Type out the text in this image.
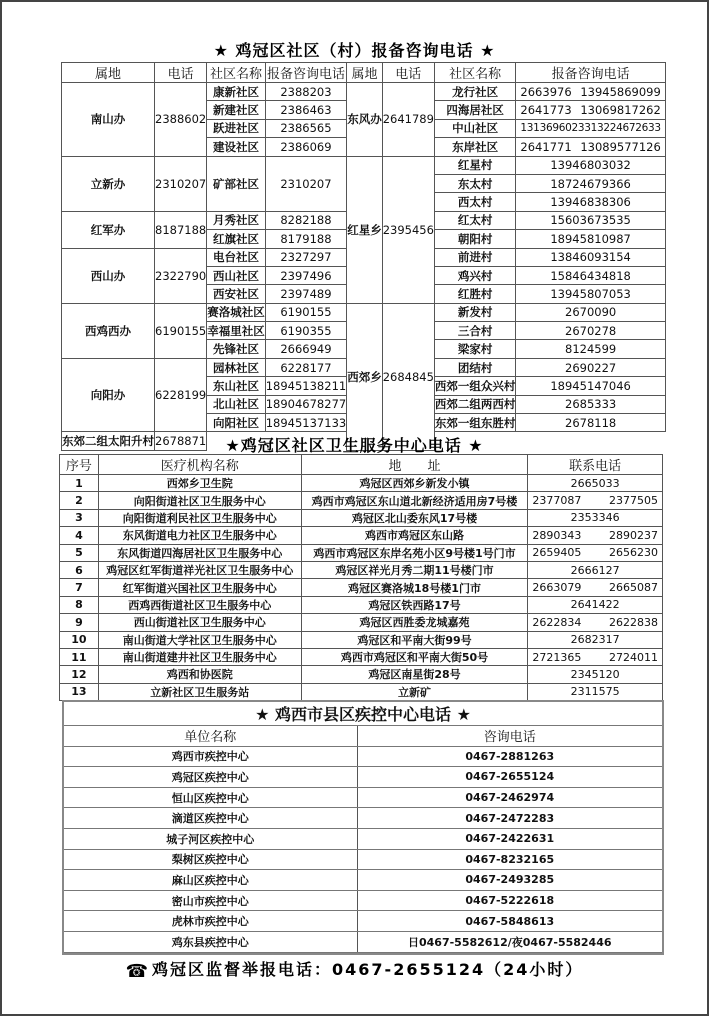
★ 鸡冠区社区（村）报备咨询电话 ★
属地	电话	社区名称	报备咨询电话	属地	电话	社区名称	报备咨询电话
南山办	2388602	康新社区	2388203	东风办	2641789	龙行社区	2663976 13945869099

		新建社区	2386463			四海居社区	2641773 13069817262

		跃进社区	2386565			中山社区	13136960233 13224672633

		建设社区	2386069			东岸社区	2641771 13089577126

立新办	2310207	矿部社区	2310207	红星乡	2395456	红星村	13946803032
						东太村	18724679366
						西太村	13946838306
红军办	8187188	月秀社区	8282188			红太村	15603673535
		红旗社区	8179188			朝阳村	18945810987
西山办	2322790	电台社区	2327297			前进村	13846093154
		西山社区	2397496			鸡兴村	15846434818
		西安社区	2397489			红胜村	13945807053
西鸡西办	6190155	赛洛城社区	6190155	西郊乡	2684845	新发村	2670090
		幸福里社区	6190355			三合村	2670278
		先锋社区	2666949			梁家村	8124599
向阳办	6228199	园林社区	6228177			团结村	2690227
		东山社区	18945138211			西郊一组众兴村	18945147046
		北山社区	18904678277			西郊二组两西村	2685333
		向阳社区	18945137133			东郊一组东胜村	2678118
东郊二组太阳升村	2678871							★鸡冠区社区卫生服务中心电话 ★
序号	医疗机构名称	地　　址	联系电话
1	西郊乡卫生院	鸡冠区西郊乡新发小镇	2665033
2	向阳街道社区卫生服务中心	鸡西市鸡冠区东山道北新经济适用房7号楼	2377087 2377505

3	向阳街道利民社区卫生服务中心	鸡冠区北山委东风17号楼	2353346
4	东风街道电力社区卫生服务中心	鸡西市鸡冠区东山路	2890343 2890237

5	东风街道四海居社区卫生服务中心	鸡西市鸡冠区东岸名苑小区9号楼1号门市	2659405 2656230

6	鸡冠区红军街道祥光社区卫生服务中心	鸡冠区祥光月秀二期11号楼门市	2666127
7	红军街道兴国社区卫生服务中心	鸡冠区赛洛城18号楼1门市	2663079 2665087

8	西鸡西街道社区卫生服务中心	鸡冠区铁西路17号	2641422
9	西山街道社区卫生服务中心	鸡冠区西胜委龙城嘉苑	2622834 2622838

10	南山街道大学社区卫生服务中心	鸡冠区和平南大街99号	2682317
11	南山街道建井社区卫生服务中心	鸡西市鸡冠区和平南大街50号	2721365 2724011

12	鸡西和协医院	鸡冠区南星街28号	2345120
13	立新社区卫生服务站	立新矿	2311575
★ 鸡西市县区疾控中心电话 ★	
单位名称	咨询电话
鸡西市疾控中心	0467-2881263
鸡冠区疾控中心	0467-2655124
恒山区疾控中心	0467-2462974
滴道区疾控中心	0467-2472283
城子河区疾控中心	0467-2422631
梨树区疾控中心	0467-8232165
麻山区疾控中心	0467-2493285
密山市疾控中心	0467-5222618
虎林市疾控中心	0467-5848613
鸡东县疾控中心	日0467-5582612/夜0467-5582446
☎ 鸡冠区监督举报电话：0467-2655124（24小时）
